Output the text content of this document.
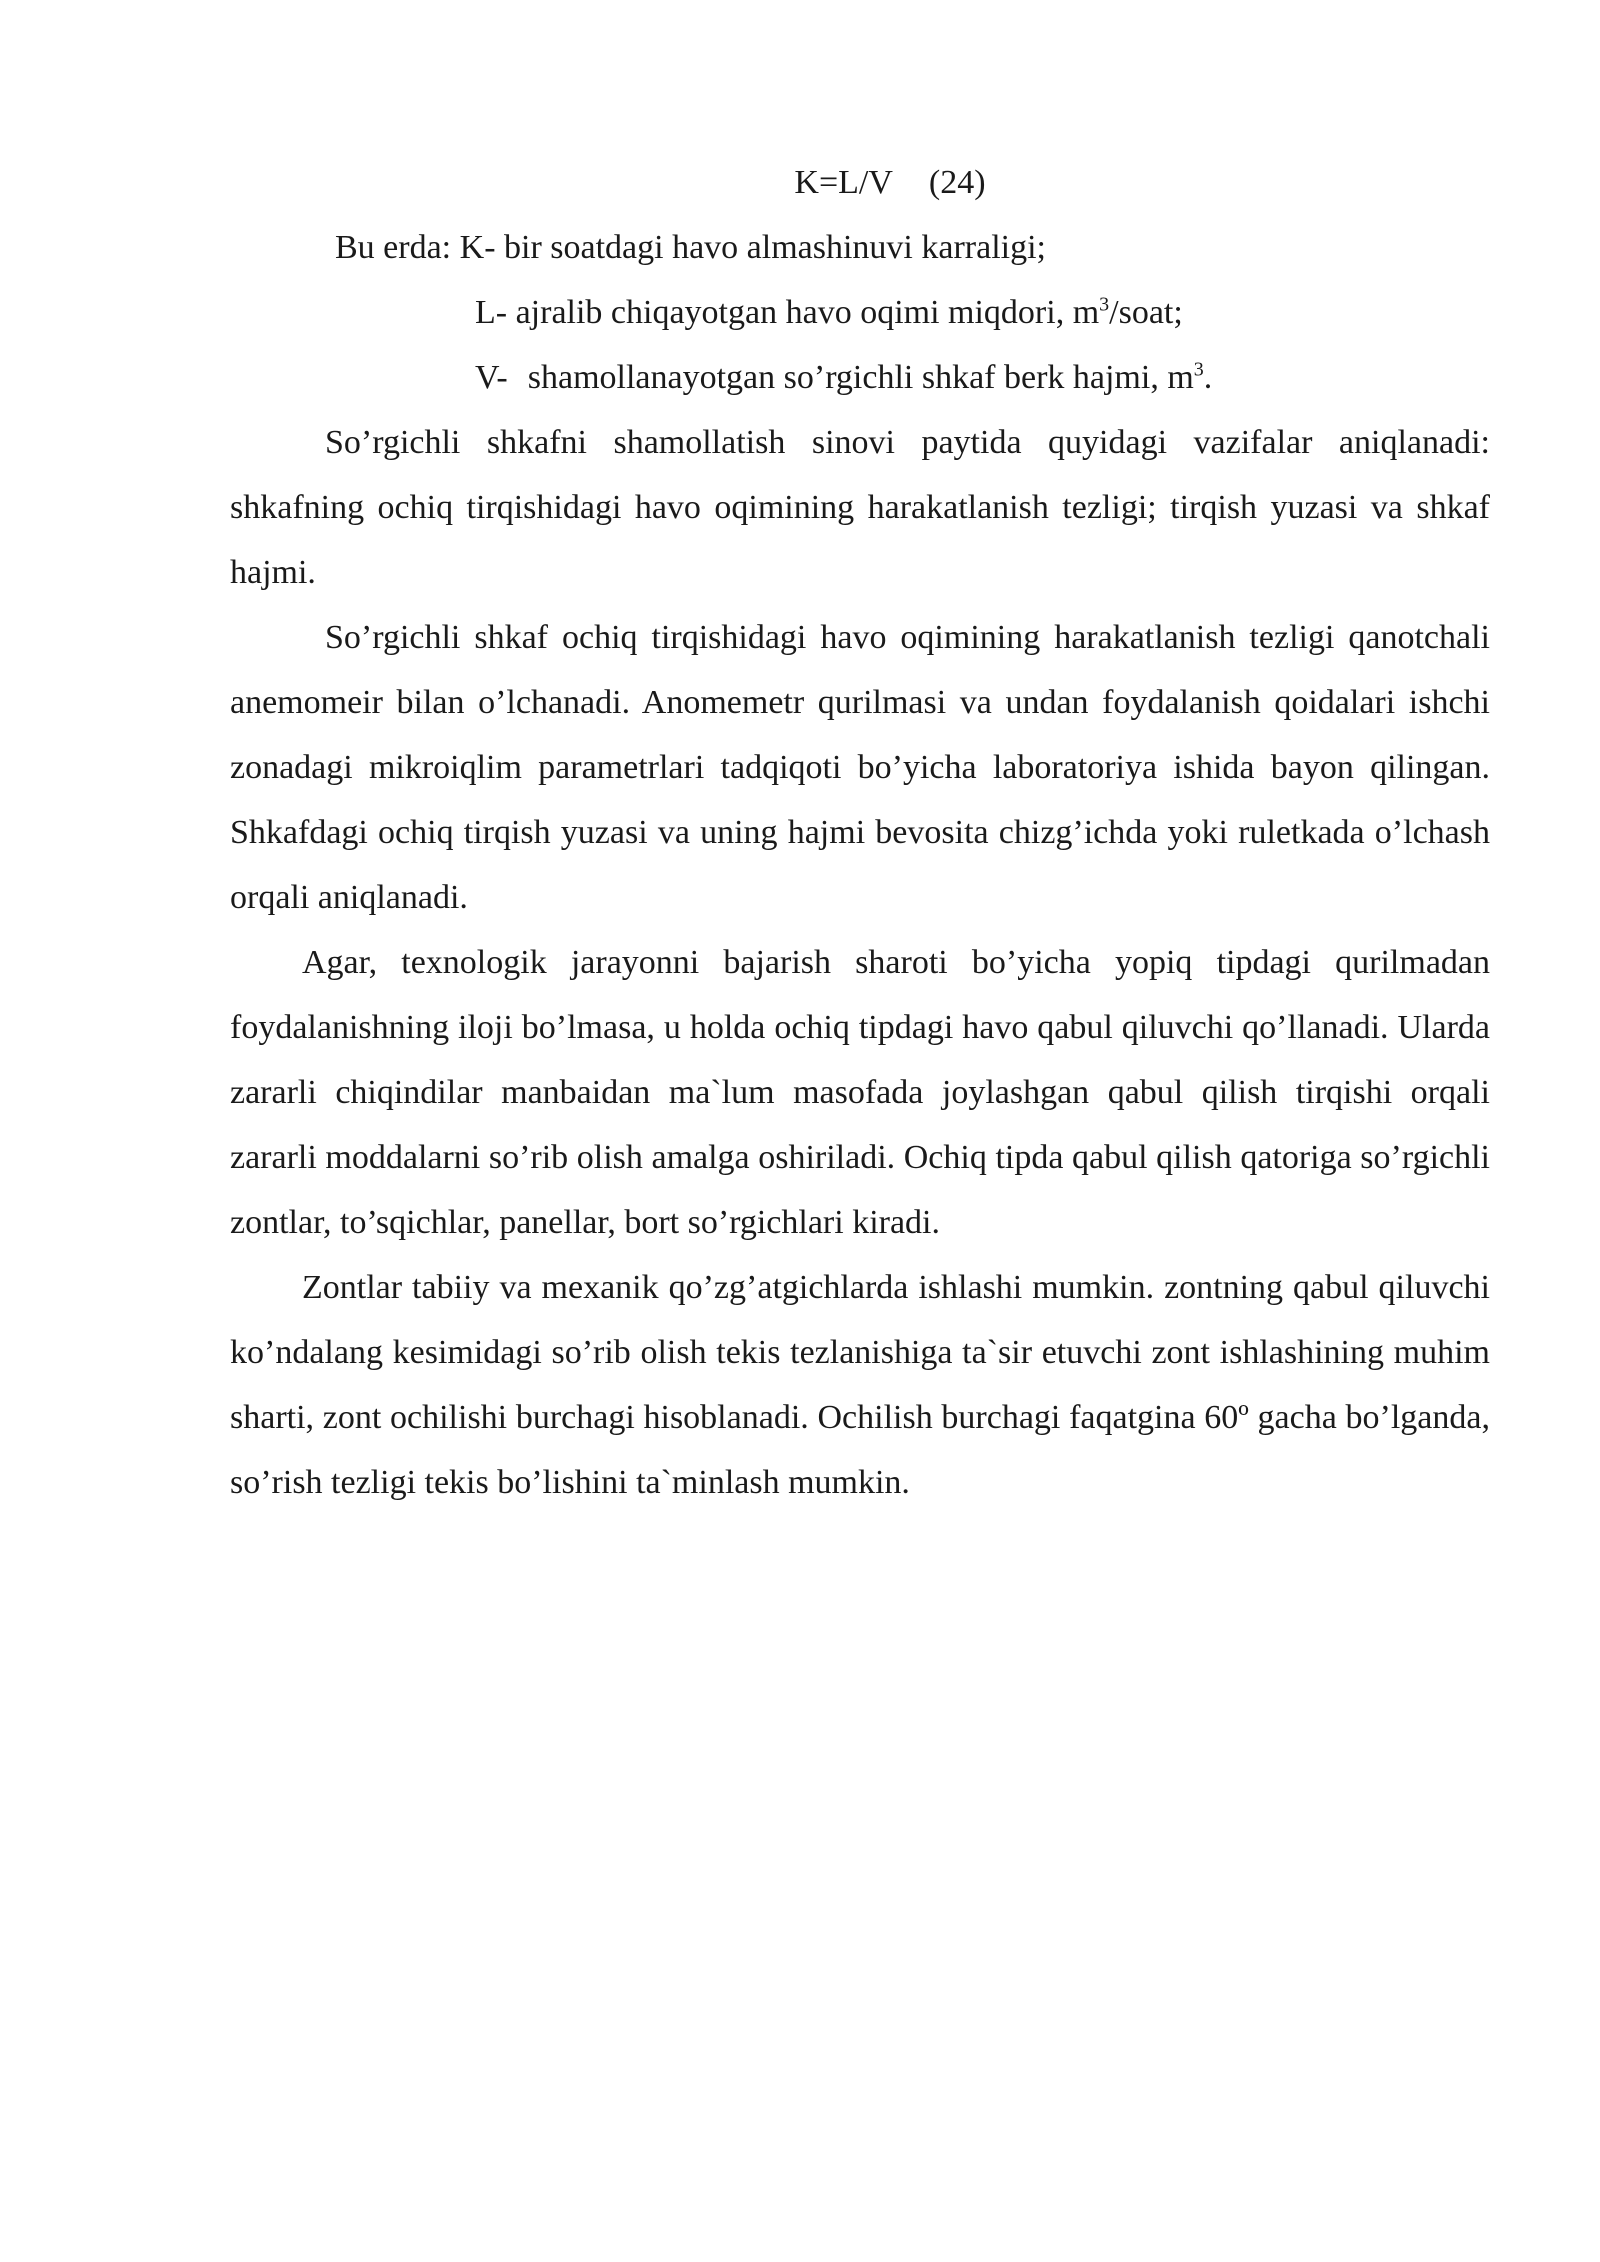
K=L/V (24)
Bu erda: K- bir soatdagi havo almashinuvi karraligi;
L- ajralib chiqayotgan havo oqimi miqdori, $m^3$/soat;
V- shamollanayotgan so’rgichli shkaf berk hajmi, $m^3$.

So’rgichli shkafni shamollatish sinovi paytida quyidagi vazifalar aniqlanadi: shkafning ochiq tirqishidagi havo oqimining harakatlanish tezligi; tirqish yuzasi va shkaf hajmi.

So’rgichli shkaf ochiq tirqishidagi havo oqimining harakatlanish tezligi qanotchali anemomeir bilan o’lchanadi. Anomemetr qurilmasi va undan foydalanish qoidalari ishchi zonadagi mikroiqlim parametrlari tadqiqoti bo’yicha laboratoriya ishida bayon qilingan. Shkafdagi ochiq tirqish yuzasi va uning hajmi bevosita chizg’ichda yoki ruletkada o’lchash orqali aniqlanadi.

Agar, texnologik jarayonni bajarish sharoti bo’yicha yopiq tipdagi qurilmadan foydalanishning iloji bo’lmasa, u holda ochiq tipdagi havo qabul qiluvchi qo’llanadi. Ularda zararli chiqindilar manbaidan ma`lum masofada joylashgan qabul qilish tirqishi orqali zararli moddalarni so’rib olish amalga oshiriladi. Ochiq tipda qabul qilish qatoriga so’rgichli zontlar, to’sqichlar, panellar, bort so’rgichlari kiradi.

Zontlar tabiiy va mexanik qo’zg’atgichlarda ishlashi mumkin. zontning qabul qiluvchi ko’ndalang kesimidagi so’rib olish tekis tezlanishiga ta`sir etuvchi zont ishlashining muhim sharti, zont ochilishi burchagi hisoblanadi. Ochilish burchagi faqatgina 60º gacha bo’lganda, so’rish tezligi tekis bo’lishini ta`minlash mumkin.
